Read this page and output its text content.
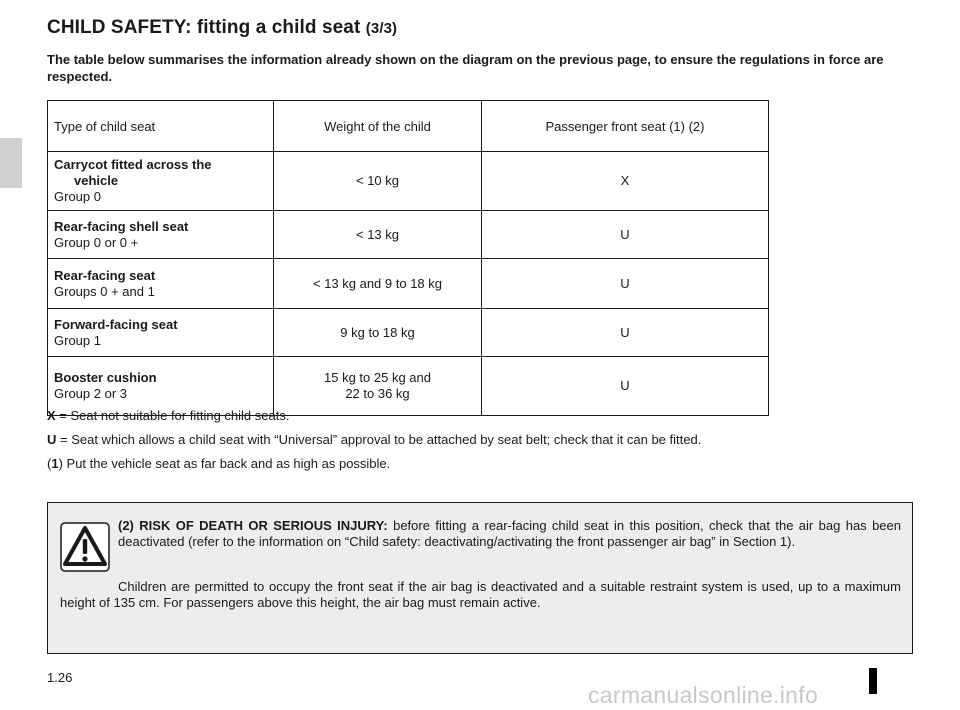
CHILD SAFETY: fitting a child seat (3/3)

The table below summarises the information already shown on the diagram on the previous page, to ensure the regulations in force are respected.

Type of child seat	Weight of the child	Passenger front seat (1) (2)

Carrycot fitted across the
vehicle
Group 0	< 10 kg	X

Rear-facing shell seat
Group 0 or 0 +	< 13 kg	U

Rear-facing seat
Groups 0 + and 1	< 13 kg and 9 to 18 kg	U

Forward-facing seat
Group 1	9 kg to 18 kg	U

Booster cushion
Group 2 or 3	15 kg to 25 kg and
22 to 36 kg	U

X = Seat not suitable for fitting child seats.

U = Seat which allows a child seat with “Universal” approval to be attached by seat belt; check that it can be fitted.

(1) Put the vehicle seat as far back and as high as possible.

(2) RISK OF DEATH OR SERIOUS INJURY: before fitting a rear-facing child seat in this position, check that the air bag has been deactivated (refer to the information on “Child safety: deactivating/activating the front passenger air bag” in Section 1).

Children are permitted to occupy the front seat if the air bag is deactivated and a suitable restraint system is used, up to a maximum height of 135 cm. For passengers above this height, the air bag must remain active.

1.26

carmanualsonline.info
